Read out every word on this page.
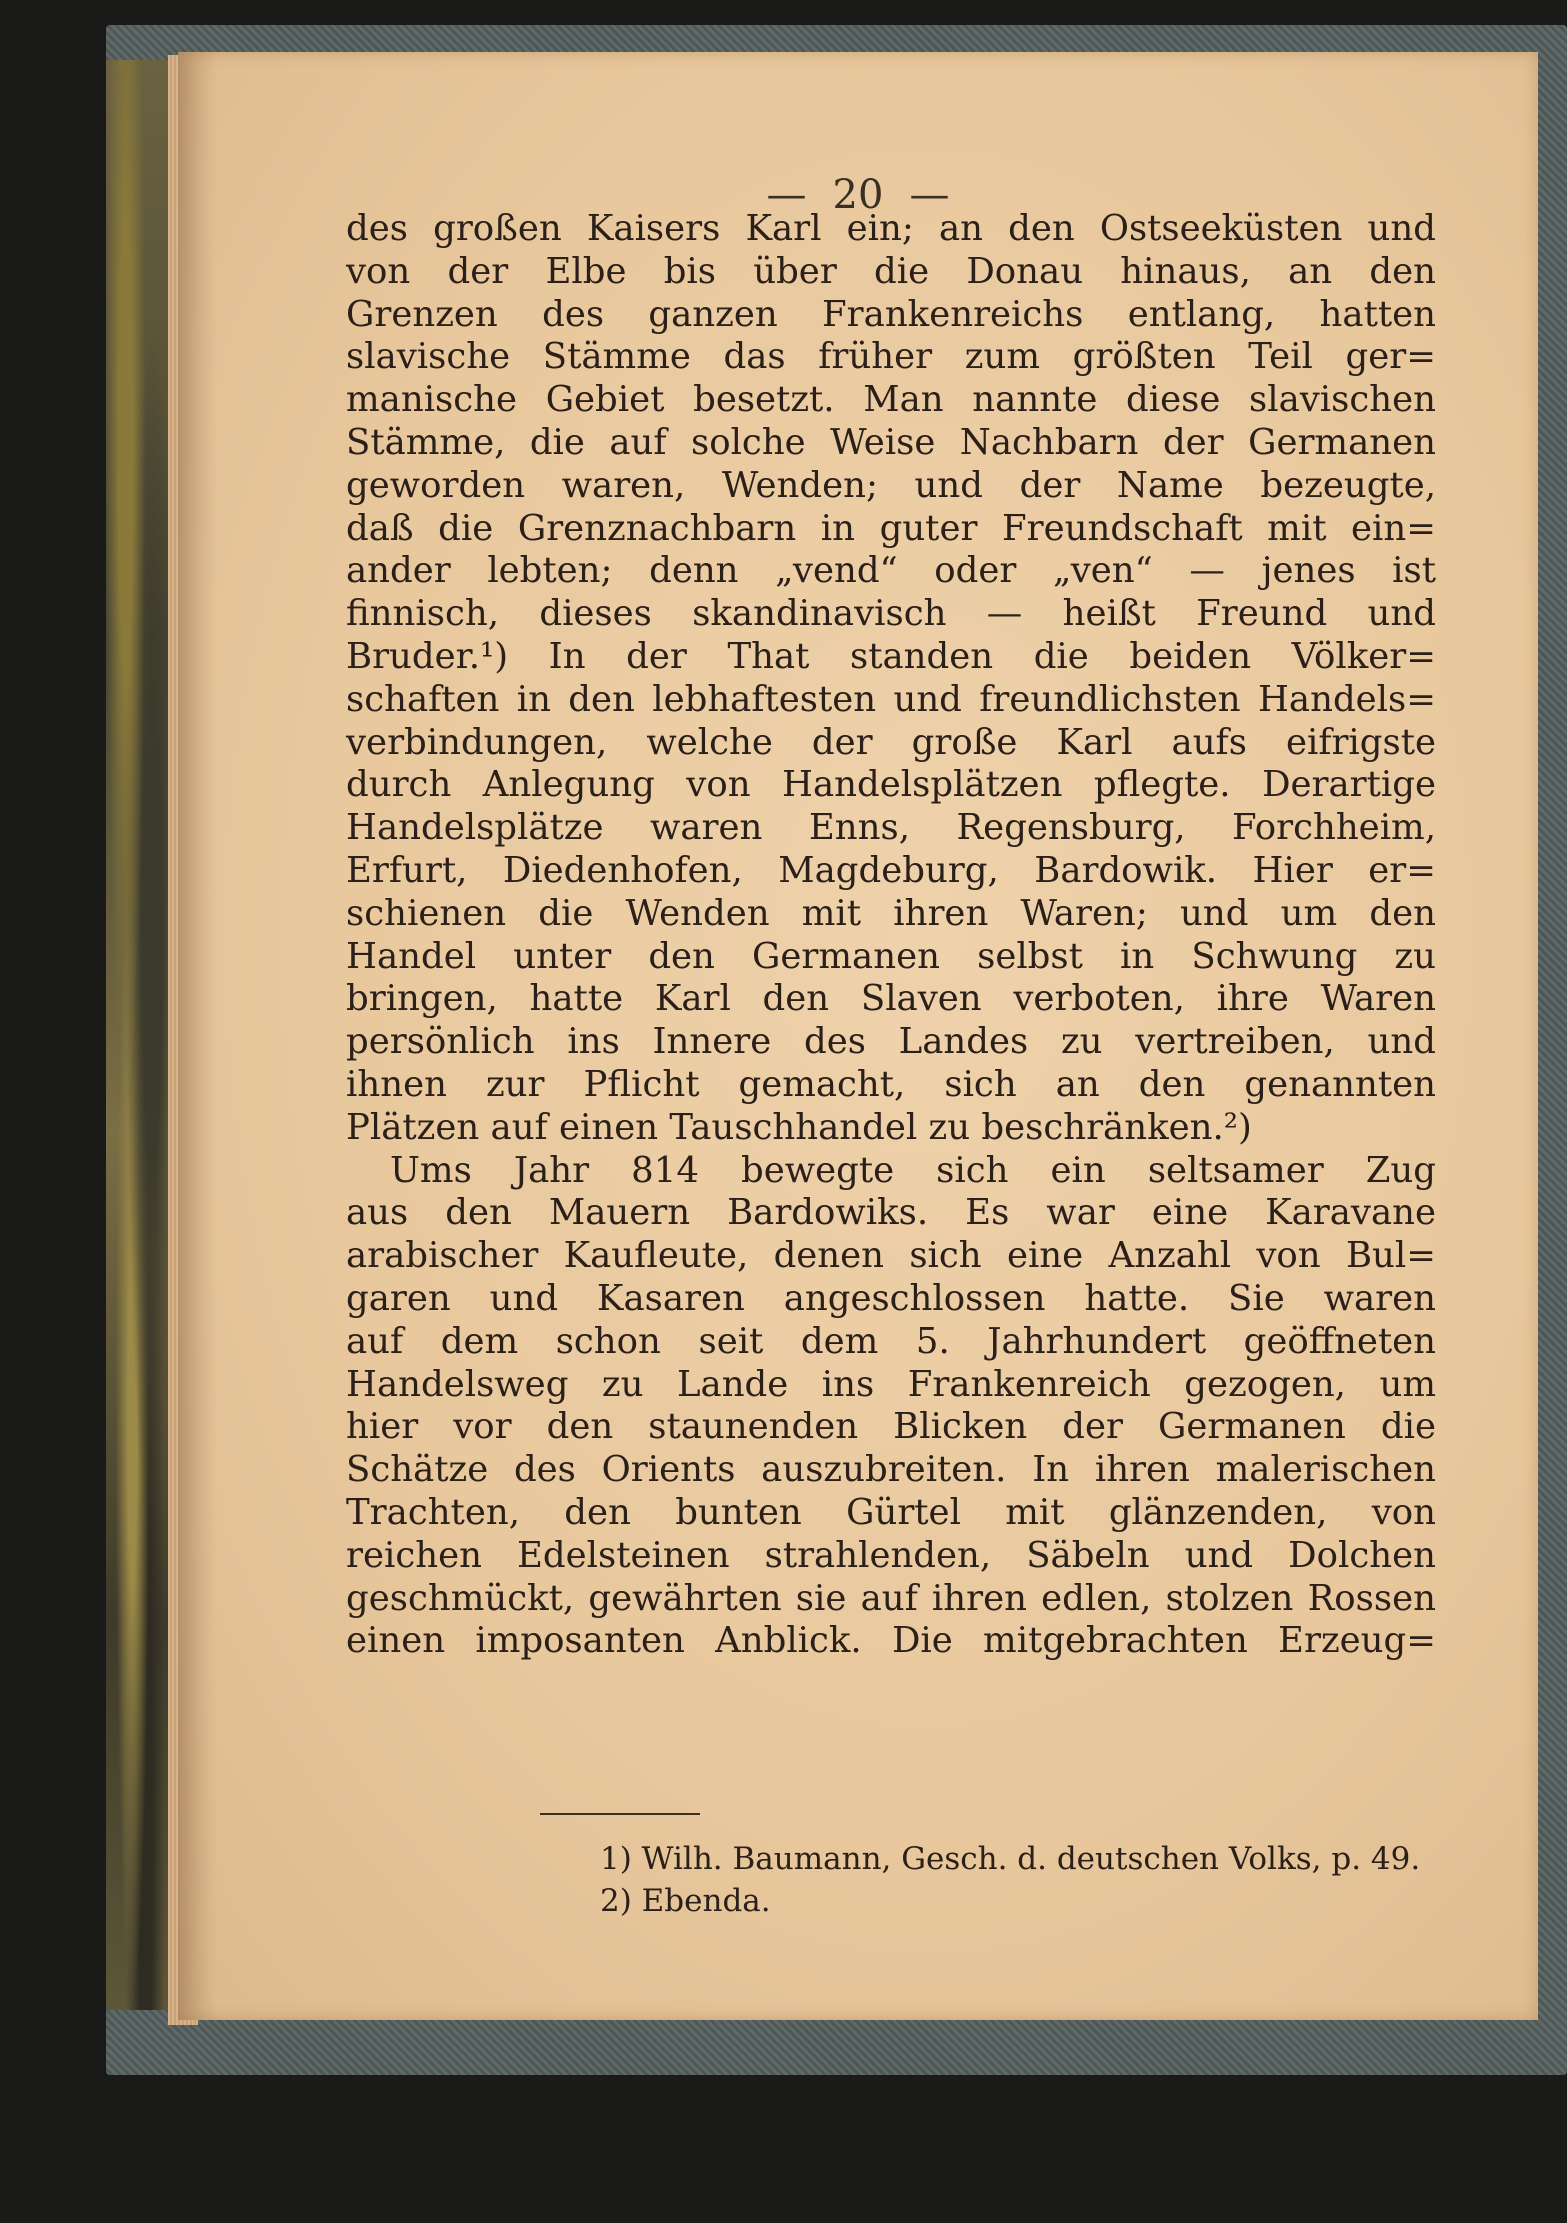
— 20 —
des großen Kaisers Karl ein; an den Ostseeküsten und
von der Elbe bis über die Donau hinaus, an den
Grenzen des ganzen Frankenreichs entlang, hatten
slavische Stämme das früher zum größten Teil ger=
manische Gebiet besetzt. Man nannte diese slavischen
Stämme, die auf solche Weise Nachbarn der Germanen
geworden waren, Wenden; und der Name bezeugte,
daß die Grenznachbarn in guter Freundschaft mit ein=
ander lebten; denn „vend“ oder „ven“ — jenes ist
finnisch, dieses skandinavisch — heißt Freund und
Bruder.¹) In der That standen die beiden Völker=
schaften in den lebhaftesten und freundlichsten Handels=
verbindungen, welche der große Karl aufs eifrigste
durch Anlegung von Handelsplätzen pflegte. Derartige
Handelsplätze waren Enns, Regensburg, Forchheim,
Erfurt, Diedenhofen, Magdeburg, Bardowik. Hier er=
schienen die Wenden mit ihren Waren; und um den
Handel unter den Germanen selbst in Schwung zu
bringen, hatte Karl den Slaven verboten, ihre Waren
persönlich ins Innere des Landes zu vertreiben, und
ihnen zur Pflicht gemacht, sich an den genannten
Plätzen auf einen Tauschhandel zu beschränken.²)
Ums Jahr 814 bewegte sich ein seltsamer Zug
aus den Mauern Bardowiks. Es war eine Karavane
arabischer Kaufleute, denen sich eine Anzahl von Bul=
garen und Kasaren angeschlossen hatte. Sie waren
auf dem schon seit dem 5. Jahrhundert geöffneten
Handelsweg zu Lande ins Frankenreich gezogen, um
hier vor den staunenden Blicken der Germanen die
Schätze des Orients auszubreiten. In ihren malerischen
Trachten, den bunten Gürtel mit glänzenden, von
reichen Edelsteinen strahlenden, Säbeln und Dolchen
geschmückt, gewährten sie auf ihren edlen, stolzen Rossen
einen imposanten Anblick. Die mitgebrachten Erzeug=
1) Wilh. Baumann, Gesch. d. deutschen Volks, p. 49.
2) Ebenda.
